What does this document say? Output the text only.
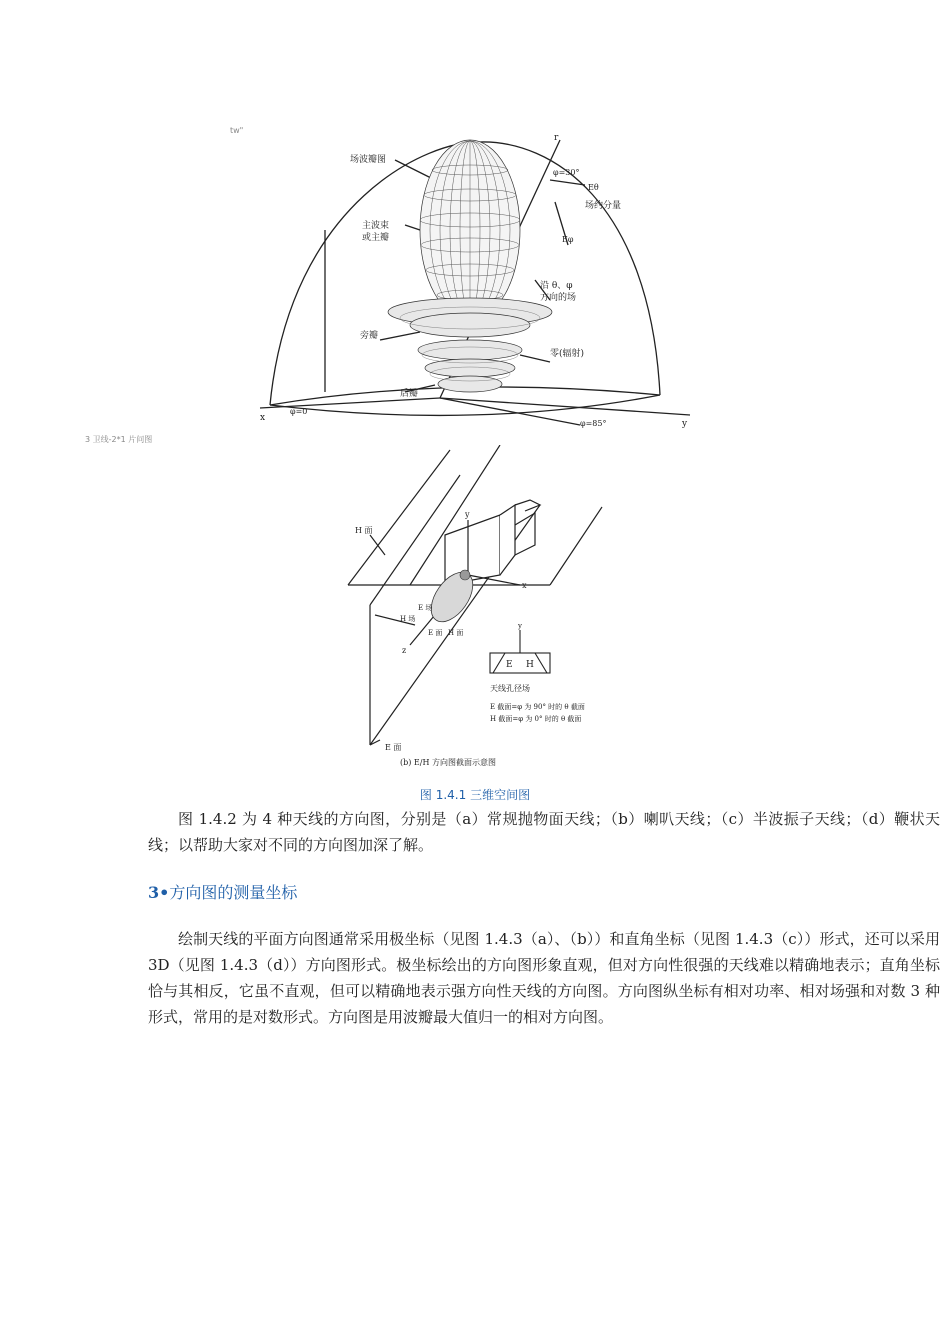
tw"
3 卫线-2*1 片问图
场波瓣图
主波束
或主瓣
旁瓣
后瓣
零(辐射)
场约分量
沿 θ、φ
方向的场
φ=30°
Eθ
Eφ
φ=0
φ=85°
x
y
r
H 面
E 面
E 场
H 场
E 面 H 面
x
y
z
y
E H
天线孔径场
E 截面=φ 为 90° 时的 θ 截面
H 截面=φ 为 0° 时的 θ 截面
(b) E/H 方向图截面示意图
图 1.4.1 三维空间图
图 1.4.2 为 4 种天线的方向图，分别是（a）常规抛物面天线；（b）喇叭天线；（c）半波振子天线；（d）鞭状天线；以帮助大家对不同的方向图加深了解。
3•方向图的测量坐标
绘制天线的平面方向图通常采用极坐标（见图 1.4.3（a）、（b））和直角坐标（见图 1.4.3（c））形式，还可以采用 3D（见图 1.4.3（d））方向图形式。极坐标绘出的方向图形象直观，但对方向性很强的天线难以精确地表示；直角坐标恰与其相反，它虽不直观，但可以精确地表示强方向性天线的方向图。方向图纵坐标有相对功率、相对场强和对数 3 种形式，常用的是对数形式。方向图是用波瓣最大值归一的相对方向图。
